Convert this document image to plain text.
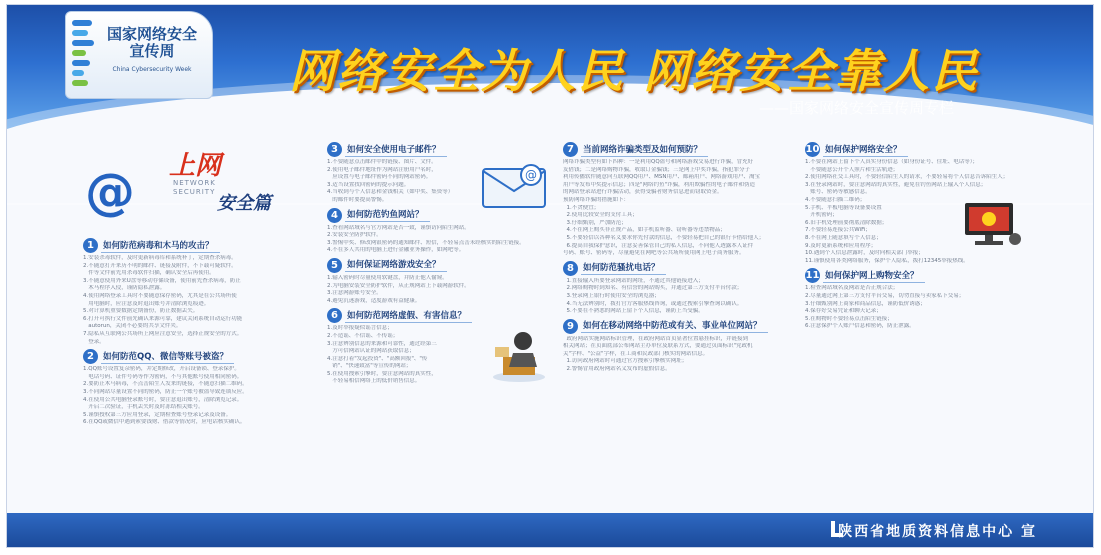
国家网络安全
宣传周
China Cybersecurity Week	网络安全为人民 网络安全靠人民
——国家网络安全宣传周专栏
@ 上网
NETWORK
SECURITY
安全篇
1	如何防范病毒和木马的攻击？
1.安装杀毒软件，及时更新病毒库和系统补丁，定期查杀病毒。
2.不随意打开来历不明的邮件、链接及附件，不下载可疑软件。
件等文件前先用杀毒软件扫描，确认安全后再使用。
3.不随意使用外来U盘等移动存储设备，使用前先查杀病毒，防止
木马程序入侵，谨防隐私泄露。
4.使用网络登录工具时不要随意保存密码，尤其是在公共场所使
用电脑时，应注意及时退出账号并清除浏览痕迹。
5.对计算机重要数据定期备份，防止数据丢失。
6.打开可执行文件前先确认来源可靠，建议关闭系统自动运行功能
autorun，关闭不必要的共享文件夹。
7.隐私从互联网公共场所上网应注意安全，选择正规安全的方式。
登录。
2	如何防范QQ、微信等账号被盗？
1.QQ账号设置复杂密码，并定期修改，开启设备锁、登录保护。
电话号码、证件号码等作为密码，不与其他账号使用相同密码。
2.要防止木马病毒，不点击陌生人发来的链接，不随意扫描二维码。
3.不同网站尽量设置不同的密码，防止一个账号被盗导致连锁反应。
4.在使用公共电脑登录账号时，要注意退出账号，清除浏览记录。
开启二次验证，手机丢失时及时冻结相关账号。
5.谨慎授权第三方应用登录，定期检查账号登录记录及设备。
6.在QQ或微信中遇到索要钱财、借款等情况时，应电话核实确认。
3	如何安全使用电子邮件？
@
1.不要随意点击邮件中的链接、图片、文件。
2.使用电子邮件地址作为网站注册用户名时，
应设置与电子邮件密码不同的网站密码。
3.适当设置找回密码的提示问题。
4.当收到与个人信息和金钱相关（如中奖、集资等）
的邮件时要提高警惕。
4	如何防范钓鱼网站？
1.查看网站域名与官方网站是否一致，谨慎访问陌生网站。
2.安装安全防护软件。
3.警惕中奖、修改网银密码的通知邮件、短信，不轻易点击未经核实的陌生链接。
4.不在多人共用的电脑上进行金融业务操作，如网吧等。
5	如何保证网络游戏安全？
1.输入密码时尽量使用软键盘，并防止他人偷窥。
2.为电脑安装安全防护软件，从正规网站上下载网游软件。
3.注意网游账号安全。
4.避免沉迷游戏，适度游戏有益健康。
6	如何防范网络虚假、有害信息？
1.及时举报疑似谣言信息；
2.不造谣、不信谣、不传谣；
3.注意辨别信息的来源和可靠性，通过经第三
方可信网站认证的网站获取信息；
4.注意打着"发起投资"、"高额回报"、"传
销"、"快速致富"等宣传的网站；
5.在使用搜索引擎时，要注意网站的真实性，
不轻易相信网络上的低价销售信息。
7	当前网络诈骗类型及如何预防？
网络诈骗类型有如下四种：一是利用QQ盗号和网络游戏交易进行诈骗，冒充好
友借钱；二是网络购物诈骗，收取订金骗钱；三是网上中奖诈骗，指犯罪分子
利用传播软件随意向互联网QQ用户、MSN用户、邮箱用户、网络游戏用户、淘宝
用户等发布中奖提示信息；四是"网络钓鱼"诈骗，利用欺骗性的电子邮件和伪造
的网站登录站进行诈骗活动，获得受骗者财务信息进而窃取资金。
预防网络诈骗的措施如下：
1.不贪便宜；
2.使用比较安全的支付工具；
3.仔细甄别，严加防范；
4.不在网上购买非正规产品，如手机监听器、窃听器等违禁物品；
5.不要轻信以各种名义要求你先付款的信息，不要轻易把自己的银行卡借给他人；
6.提高自我保护意识，注意妥善保管自己的私人信息，不向他人透露本人证件
号码、账号、密码等，尽量避免在网吧等公共场所使用网上电子商务服务。
8	如何防范骚扰电话？
1.直接输入所要登录网站的网址，不通过其他链接进入；
2.网络购物时到知名、有信誉的网站购买，并通过第三方支付平台付款；
3.登录网上银行时使用安全的浏览器；
4.当无法辨别时，拨打官方客服热线咨询，或通过搜索引擎查询以确认。
5.不要在不熟悉的网站上留下个人信息，谨防上当受骗。
9	如何在移动网络中防范或有关、事业单位网站？
政府网站实施网站标识管理，在政府网站首页显著位置悬挂标识，并链接到
相关网站；在页面底部公布网站主办单位及联系方式，要通过页面标识"党政机
关"字样、"公益"字样，在工商和民政部门核实的网站信息。
1.访问政府网站时可通过官方搜索引擎核实网址；
2.警惕冒用政府网站名义发布的虚假信息。
10 如何保护网络安全？
1.不要在网站上留下个人真实身份信息（如身份证号、住址、电话等）；
不要随意公开个人照片和生活轨迹；
2.使用网络社交工具时，不要轻信陌生人的请求，不要轻易将个人信息告诉陌生人；
3.在登录网站时，要注意网站的真实性，避免在钓鱼网站上输入个人信息；
账号、密码等敏感信息。
4.不要随意扫描二维码；
5.手机、平板电脑等设备要设置
开机密码；
6.旧手机处理前要彻底清除数据；
7.不要轻易连接公共WiFi；
8.不在网上随意填写个人信息；
9.及时更新系统和应用程序；
10.遇到个人信息泄露时，及时向相关部门举报；
11.谨慎使用各类网络服务，保护个人隐私，拨打12345举报热线。
11 如何保护网上购物安全？
1.检查网站域名及网站是否正规合法；
2.尽量通过网上第三方支付平台交易，切勿直接与卖家私下交易；
3.仔细甄别网上商家和商品信息，谨防低价诱惑；
4.保存好交易凭证和聊天记录；
5.在购物时不要轻易点击陌生链接；
6.注意保护个人账户信息和密码，防止泄露。
陕西省地质资料信息中心 宣
